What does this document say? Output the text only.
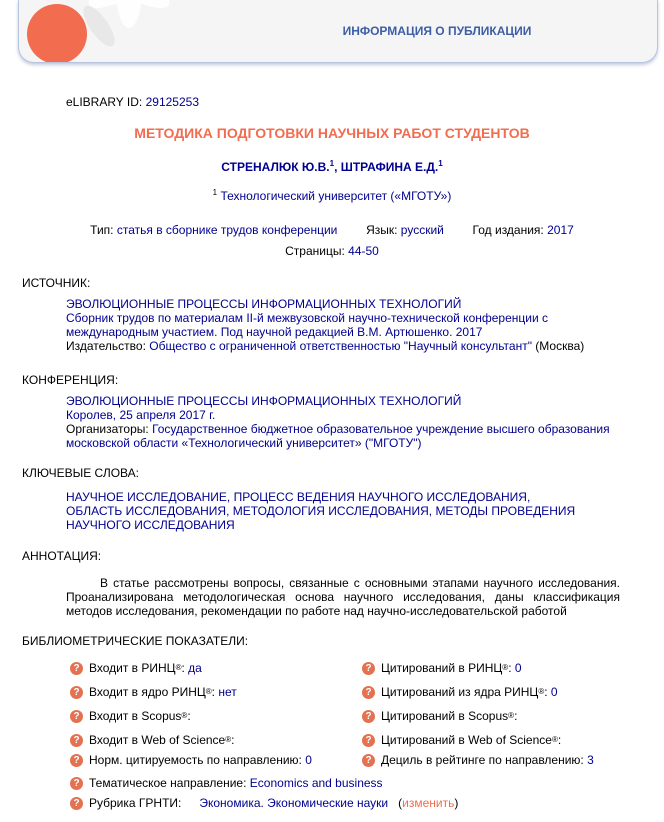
ИНФОРМАЦИЯ О ПУБЛИКАЦИИ
eLIBRARY ID: 29125253
МЕТОДИКА ПОДГОТОВКИ НАУЧНЫХ РАБОТ СТУДЕНТОВ
СТРЕНАЛЮК Ю.В.$^1$, ШТРАФИНА Е.Д.$^1$
$^1$ Технологический университет («МГОТУ»)
Тип: статья в сборнике трудов конференции Язык: русский Год издания: 2017
Страницы: 44-50
ИСТОЧНИК:
ЭВОЛЮЦИОННЫЕ ПРОЦЕССЫ ИНФОРМАЦИОННЫХ ТЕХНОЛОГИЙ
Сборник трудов по материалам II-й межвузовской научно-технической конференции с международным участием. Под научной редакцией В.М. Артюшенко. 2017
Издательство: Общество с ограниченной ответственностью "Научный консультант" (Москва)
КОНФЕРЕНЦИЯ:
ЭВОЛЮЦИОННЫЕ ПРОЦЕССЫ ИНФОРМАЦИОННЫХ ТЕХНОЛОГИЙ
Королев, 25 апреля 2017 г.
Организаторы: Государственное бюджетное образовательное учреждение высшего образования московской области «Технологический университет» ("МГОТУ")
КЛЮЧЕВЫЕ СЛОВА:
НАУЧНОЕ ИССЛЕДОВАНИЕ, ПРОЦЕСС ВЕДЕНИЯ НАУЧНОГО ИССЛЕДОВАНИЯ, ОБЛАСТЬ ИССЛЕДОВАНИЯ, МЕТОДОЛОГИЯ ИССЛЕДОВАНИЯ, МЕТОДЫ ПРОВЕДЕНИЯ НАУЧНОГО ИССЛЕДОВАНИЯ
АННОТАЦИЯ:
В статье рассмотрены вопросы, связанные с основными этапами научного исследования. Проанализирована методологическая основа научного исследования, даны классификация методов исследования, рекомендации по работе над научно-исследовательской работой
БИБЛИОМЕТРИЧЕСКИЕ ПОКАЗАТЕЛИ:
? Входит в РИНЦ ® :
да
? Входит в ядро РИНЦ ® :
нет
? Входит в Scopus ® :
? Входит в Web of Science ® :
? Норм. цитируемость по направлению:
0
? Цитирований в РИНЦ ® :
0
? Цитирований из ядра РИНЦ ® :
0
? Цитирований в Scopus ® :
? Цитирований в Web of Science ® :
? Дециль в рейтинге по направлению:
3
? Тематическое направление:
Economics and business
? Рубрика ГРНТИ: Экономика. Экономические науки ( изменить )
